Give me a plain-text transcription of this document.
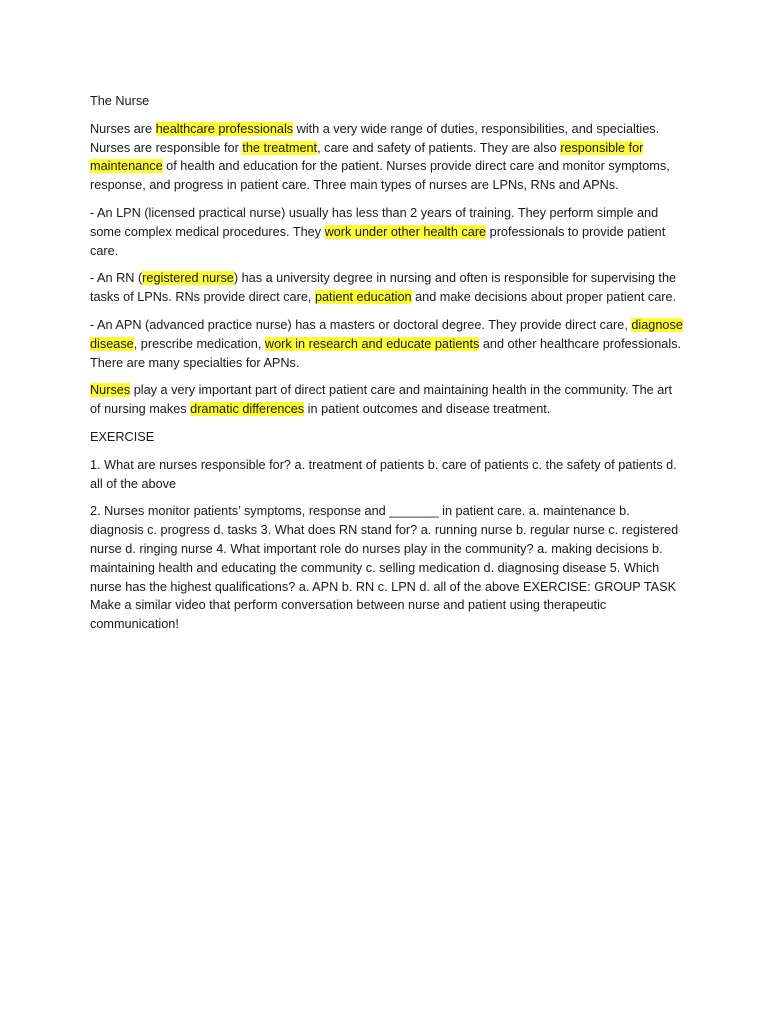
The Nurse

Nurses are healthcare professionals with a very wide range of duties, responsibilities, and specialties. Nurses are responsible for the treatment, care and safety of patients. They are also responsible for maintenance of health and education for the patient. Nurses provide direct care and monitor symptoms, response, and progress in patient care. Three main types of nurses are LPNs, RNs and APNs.

- An LPN (licensed practical nurse) usually has less than 2 years of training. They perform simple and some complex medical procedures. They work under other health care professionals to provide patient care.

- An RN (registered nurse) has a university degree in nursing and often is responsible for supervising the tasks of LPNs. RNs provide direct care, patient education and make decisions about proper patient care.

- An APN (advanced practice nurse) has a masters or doctoral degree. They provide direct care, diagnose disease, prescribe medication, work in research and educate patients and other healthcare professionals. There are many specialties for APNs.

Nurses play a very important part of direct patient care and maintaining health in the community. The art of nursing makes dramatic differences in patient outcomes and disease treatment.

EXERCISE

1. What are nurses responsible for? a. treatment of patients b. care of patients c. the safety of patients d. all of the above

2. Nurses monitor patients’ symptoms, response and _______ in patient care. a. maintenance b. diagnosis c. progress d. tasks 3. What does RN stand for? a. running nurse b. regular nurse c. registered nurse d. ringing nurse 4. What important role do nurses play in the community? a. making decisions b. maintaining health and educating the community c. selling medication d. diagnosing disease 5. Which nurse has the highest qualifications? a. APN b. RN c. LPN d. all of the above EXERCISE: GROUP TASK Make a similar video that perform conversation between nurse and patient using therapeutic communication!
